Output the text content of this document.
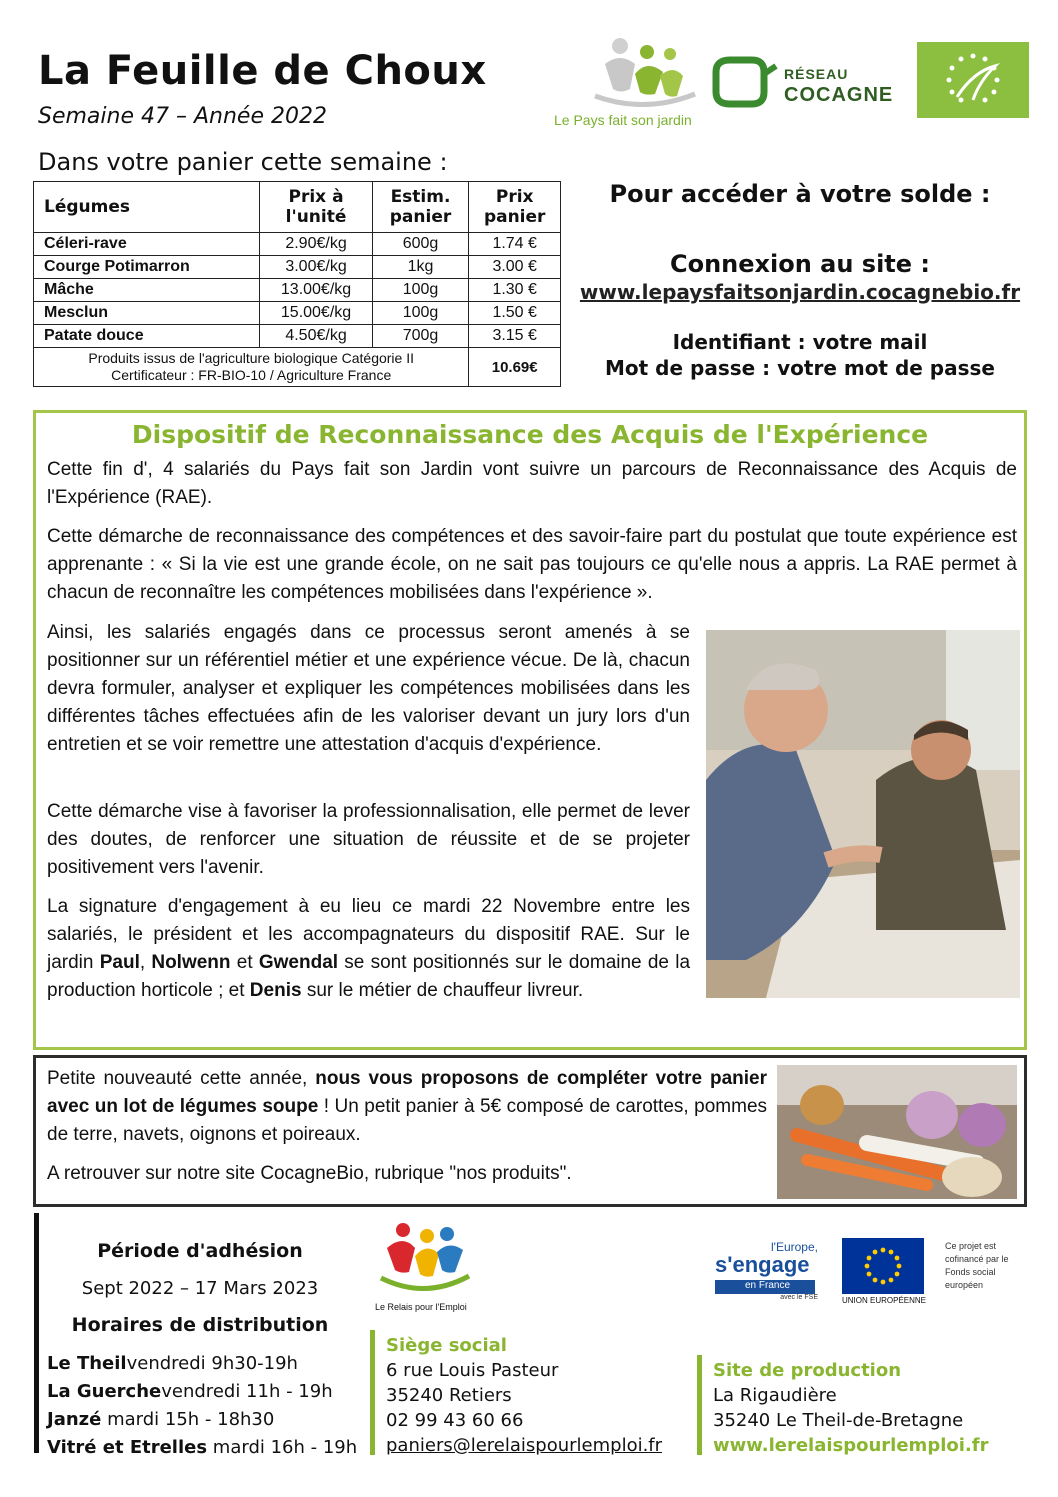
La Feuille de Choux
Semaine 47 – Année 2022
Dans votre panier cette semaine :
Le Pays fait son jardin
RÉSEAU
COCAGNE
Légumes	Prix à l'unité	Estim. panier	Prix panier
Céleri-rave	2.90€/kg	600g	1.74 €
Courge Potimarron	3.00€/kg	1kg	3.00 €
Mâche	13.00€/kg	100g	1.30 €
Mesclun	15.00€/kg	100g	1.50 €
Patate douce	4.50€/kg	700g	3.15 €
Produits issus de l'agriculture biologique Catégorie II
Certificateur : FR-BIO-10 / Agriculture France			10.69€
Pour accéder à votre solde :
Connexion au site :
www.lepaysfaitsonjardin.cocagnebio.fr
Identifiant : votre mail
Mot de passe : votre mot de passe
Dispositif de Reconnaissance des Acquis de l'Expérience
Cette fin d', 4 salariés du Pays fait son Jardin vont suivre un parcours de Reconnaissance des Acquis de l'Expérience (RAE).
Cette démarche de reconnaissance des compétences et des savoir-faire part du postulat que toute expérience est apprenante : « Si la vie est une grande école, on ne sait pas toujours ce qu'elle nous a appris. La RAE permet à chacun de reconnaître les compétences mobilisées dans l'expérience ».
Ainsi, les salariés engagés dans ce processus seront amenés à se positionner sur un référentiel métier et une expérience vécue. De là, chacun devra formuler, analyser et expliquer les compétences mobilisées dans les différentes tâches effectuées afin de les valoriser devant un jury lors d'un entretien et se voir remettre une attestation d'acquis d'expérience.
Cette démarche vise à favoriser la professionnalisation, elle permet de lever des doutes, de renforcer une situation de réussite et de se projeter positivement vers l'avenir.
La signature d'engagement à eu lieu ce mardi 22 Novembre entre les salariés, le président et les accompagnateurs du dispositif RAE. Sur le jardin Paul, Nolwenn et Gwendal se sont positionnés sur le domaine de la production horticole ; et Denis sur le métier de chauffeur livreur.
Petite nouveauté cette année, nous vous proposons de compléter votre panier avec un lot de légumes soupe ! Un petit panier à 5€ composé de carottes, pommes de terre, navets, oignons et poireaux.
A retrouver sur notre site CocagneBio, rubrique "nos produits".
Période d'adhésion
Sept 2022 – 17 Mars 2023
Horaires de distribution
Le Theilvendredi 9h30-19h
La Guerchevendredi 11h - 19h
Janzé mardi 15h - 18h30
Vitré et Etrelles mardi 16h - 19h
Le Relais pour l'Emploi
Siège social
6 rue Louis Pasteur
35240 Retiers
02 99 43 60 66
paniers@lerelaispourlemploi.fr
Site de production
La Rigaudière
35240 Le Theil-de-Bretagne
www.lerelaispourlemploi.fr
l'Europe,
s'engage
en France
avec le FSE	UNION EUROPÉENNE
Ce projet est cofinancé par le Fonds social européen
